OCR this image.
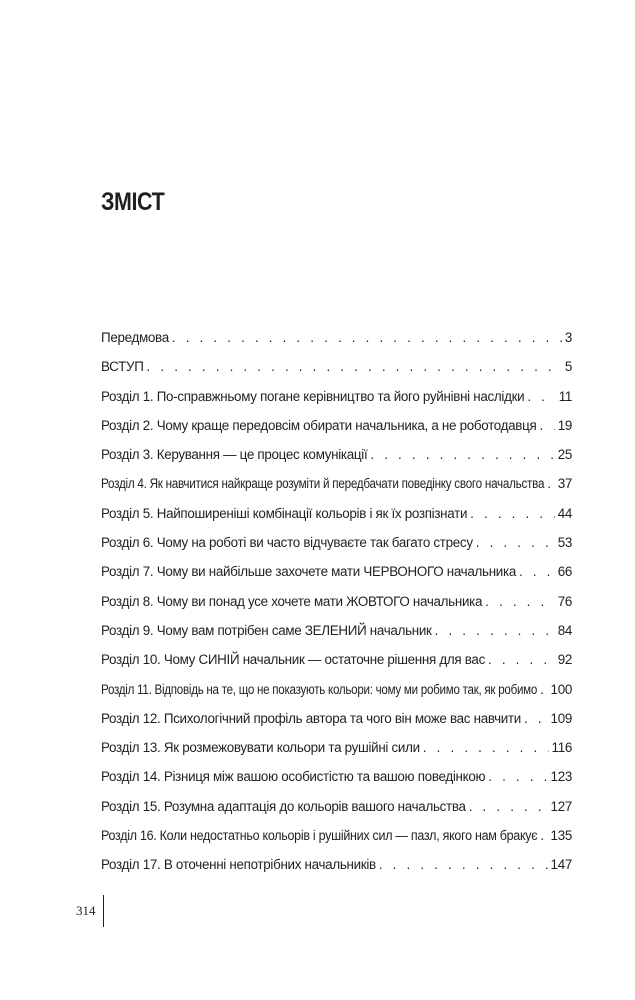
ЗМІСТ
Передмова . . .	3
ВСТУП . . .	5
Розділ 1. По-справжньому погане керівництво та його руйнівні наслідки . . .	11
Розділ 2. Чому краще передовсім обирати начальника, а не роботодавця . . . 19
Розділ 3. Керування — це процес комунікації . . .	25
Розділ 4. Як навчитися найкраще розуміти й передбачати поведінку свого начальства . . . 37
Розділ 5. Найпоширеніші комбінації кольорів і як їх розпізнати . . .	44
Розділ 6. Чому на роботі ви часто відчуваєте так багато стресу . . .	53
Розділ 7. Чому ви найбільше захочете мати ЧЕРВОНОГО начальника . . .	66
Розділ 8. Чому ви понад усе хочете мати ЖОВТОГО начальника . . .	76
Розділ 9. Чому вам потрібен саме ЗЕЛЕНИЙ начальник . . .	84
Розділ 10. Чому СИНІЙ начальник — остаточне рішення для вас . . .	92
Розділ 11. Відповідь на те, що не показують кольори: чому ми робимо так, як робимо . . . 100
Розділ 12. Психологічний профіль автора та чого він може вас навчити . . . 109
Розділ 13. Як розмежовувати кольори та рушійні сили . . .	116
Розділ 14. Різниця між вашою особистістю та вашою поведінкою . . .	123
Розділ 15. Розумна адаптація до кольорів вашого начальства . . .	127
Розділ 16. Коли недостатньо кольорів і рушійних сил — пазл, якого нам бракує . . . 135
Розділ 17. В оточенні непотрібних начальників . . .	147
314
